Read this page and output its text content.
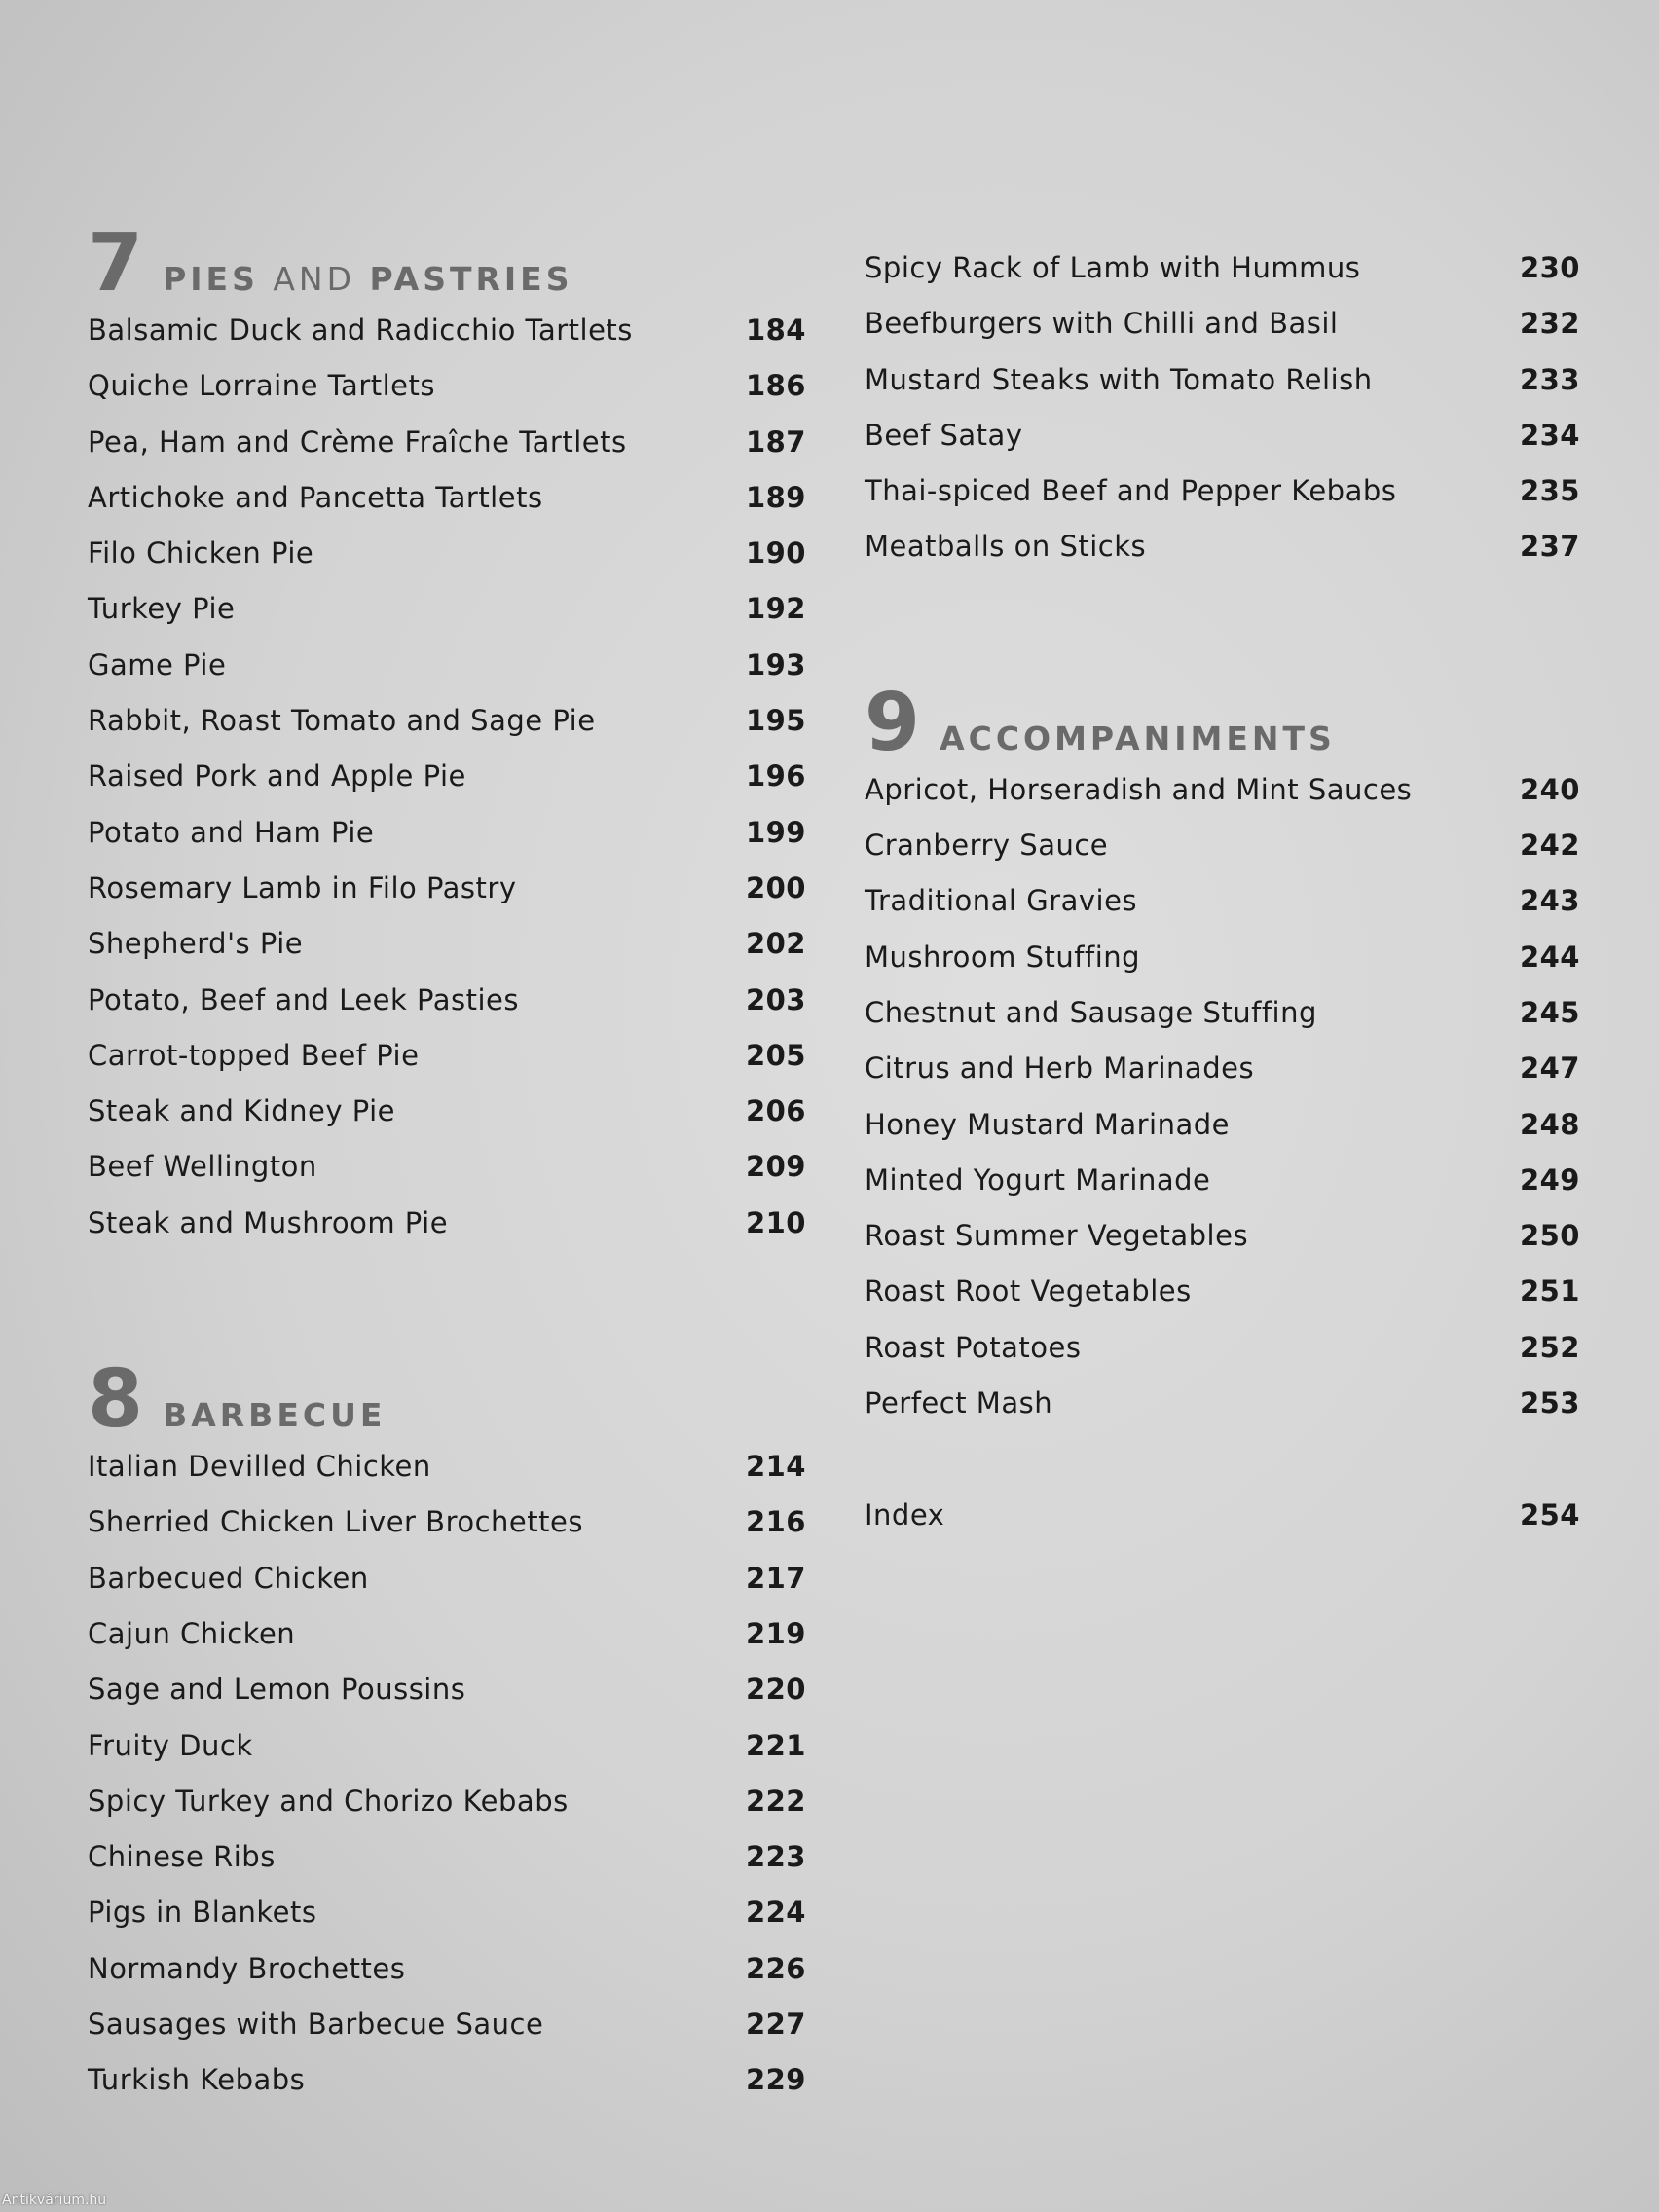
7 PIES AND PASTRIES
Balsamic Duck and Radicchio Tartlets	184
Quiche Lorraine Tartlets	186
Pea, Ham and Crème Fraîche Tartlets	187
Artichoke and Pancetta Tartlets	189
Filo Chicken Pie	190
Turkey Pie	192
Game Pie	193
Rabbit, Roast Tomato and Sage Pie	195
Raised Pork and Apple Pie	196
Potato and Ham Pie	199
Rosemary Lamb in Filo Pastry	200
Shepherd's Pie	202
Potato, Beef and Leek Pasties	203
Carrot-topped Beef Pie	205
Steak and Kidney Pie	206
Beef Wellington	209
Steak and Mushroom Pie	210
8 BARBECUE
Italian Devilled Chicken	214
Sherried Chicken Liver Brochettes	216
Barbecued Chicken	217
Cajun Chicken	219
Sage and Lemon Poussins	220
Fruity Duck	221
Spicy Turkey and Chorizo Kebabs	222
Chinese Ribs	223
Pigs in Blankets	224
Normandy Brochettes	226
Sausages with Barbecue Sauce	227
Turkish Kebabs	229
Spicy Rack of Lamb with Hummus	230
Beefburgers with Chilli and Basil	232
Mustard Steaks with Tomato Relish	233
Beef Satay	234
Thai-spiced Beef and Pepper Kebabs	235
Meatballs on Sticks	237
9 ACCOMPANIMENTS
Apricot, Horseradish and Mint Sauces	240
Cranberry Sauce	242
Traditional Gravies	243
Mushroom Stuffing	244
Chestnut and Sausage Stuffing	245
Citrus and Herb Marinades	247
Honey Mustard Marinade	248
Minted Yogurt Marinade	249
Roast Summer Vegetables	250
Roast Root Vegetables	251
Roast Potatoes	252
Perfect Mash	253
Index	254
Antikvárium.hu
